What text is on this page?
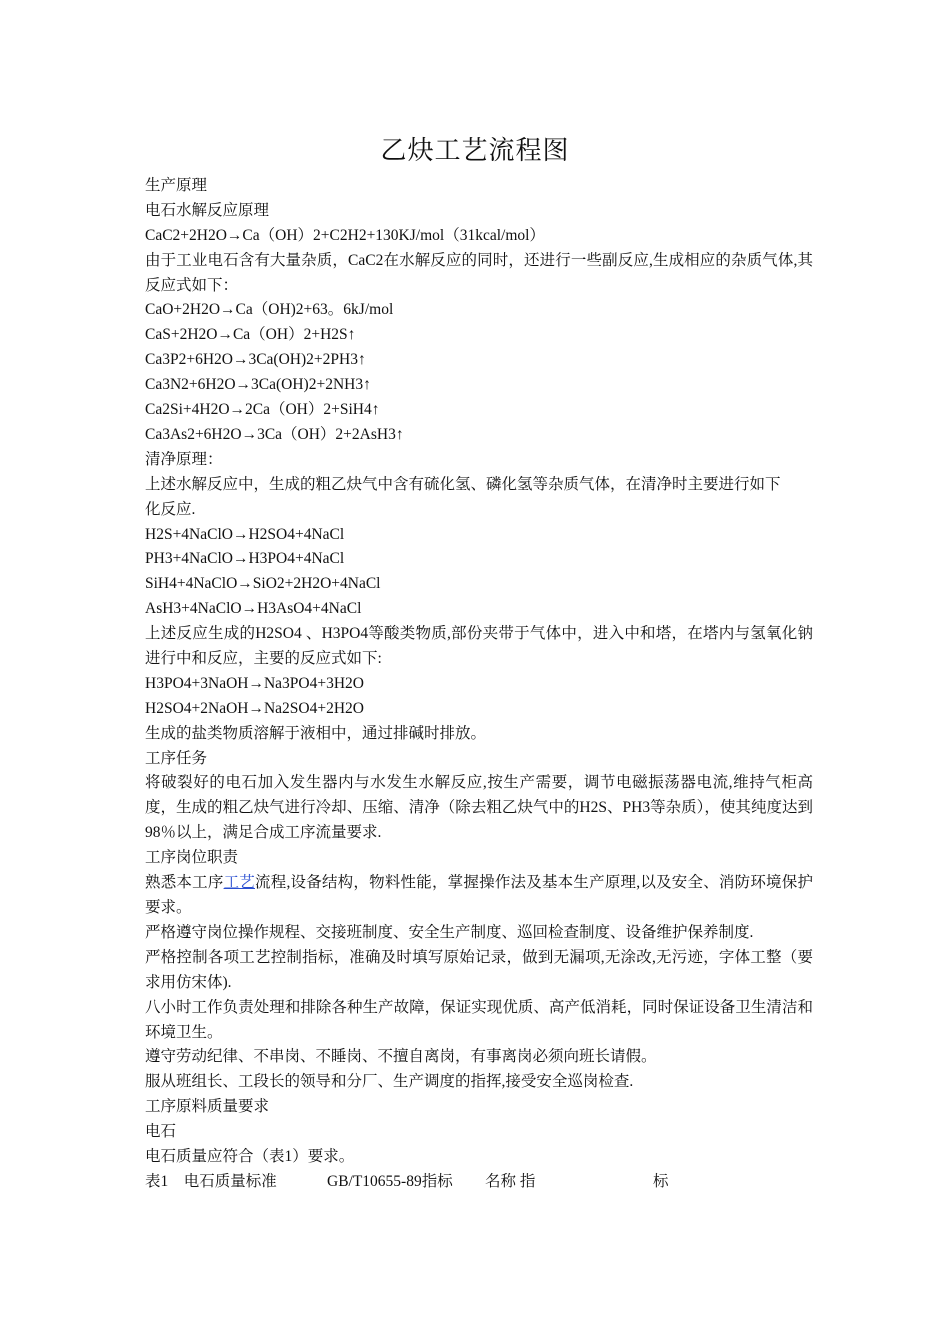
乙炔工艺流程图
生产原理
电石水解反应原理
CaC2+2H2O→Ca（OH）2+C2H2+130KJ/mol（31kcal/mol）
由于工业电石含有大量杂质，CaC2在水解反应的同时，还进行一些副反应,生成相应的杂质气体,其反应式如下：
CaO+2H2O→Ca（OH)2+63。6kJ/mol
CaS+2H2O→Ca（OH）2+H2S↑
Ca3P2+6H2O→3Ca(OH)2+2PH3↑
Ca3N2+6H2O→3Ca(OH)2+2NH3↑
Ca2Si+4H2O→2Ca（OH）2+SiH4↑
Ca3As2+6H2O→3Ca（OH）2+2AsH3↑
清净原理：
上述水解反应中，生成的粗乙炔气中含有硫化氢、磷化氢等杂质气体，在清净时主要进行如下
化反应.
H2S+4NaClO→H2SO4+4NaCl
PH3+4NaClO→H3PO4+4NaCl
SiH4+4NaClO→SiO2+2H2O+4NaCl
AsH3+4NaClO→H3AsO4+4NaCl
上述反应生成的H2SO4 、H3PO4等酸类物质,部份夹带于气体中，进入中和塔，在塔内与氢氧化钠进行中和反应，主要的反应式如下:
H3PO4+3NaOH→Na3PO4+3H2O
H2SO4+2NaOH→Na2SO4+2H2O
生成的盐类物质溶解于液相中，通过排碱时排放。
工序任务
将破裂好的电石加入发生器内与水发生水解反应,按生产需要，调节电磁振荡器电流,维持气柜高度，生成的粗乙炔气进行冷却、压缩、清净（除去粗乙炔气中的H2S、PH3等杂质），使其纯度达到98％以上，满足合成工序流量要求.
工序岗位职责
熟悉本工序工艺流程,设备结构，物料性能，掌握操作法及基本生产原理,以及安全、消防环境保护要求。
严格遵守岗位操作规程、交接班制度、安全生产制度、巡回检查制度、设备维护保养制度.
严格控制各项工艺控制指标，准确及时填写原始记录，做到无漏项,无涂改,无污迹，字体工整（要求用仿宋体).
八小时工作负责处理和排除各种生产故障，保证实现优质、高产低消耗，同时保证设备卫生清洁和环境卫生。
遵守劳动纪律、不串岗、不睡岗、不擅自离岗，有事离岗必须向班长请假。
服从班组长、工段长的领导和分厂、生产调度的指挥,接受安全巡岗检查.
工序原料质量要求
电石
电石质量应符合（表1）要求。
表1　电石质量标准	GB/T10655-89指标 名称 指	标
